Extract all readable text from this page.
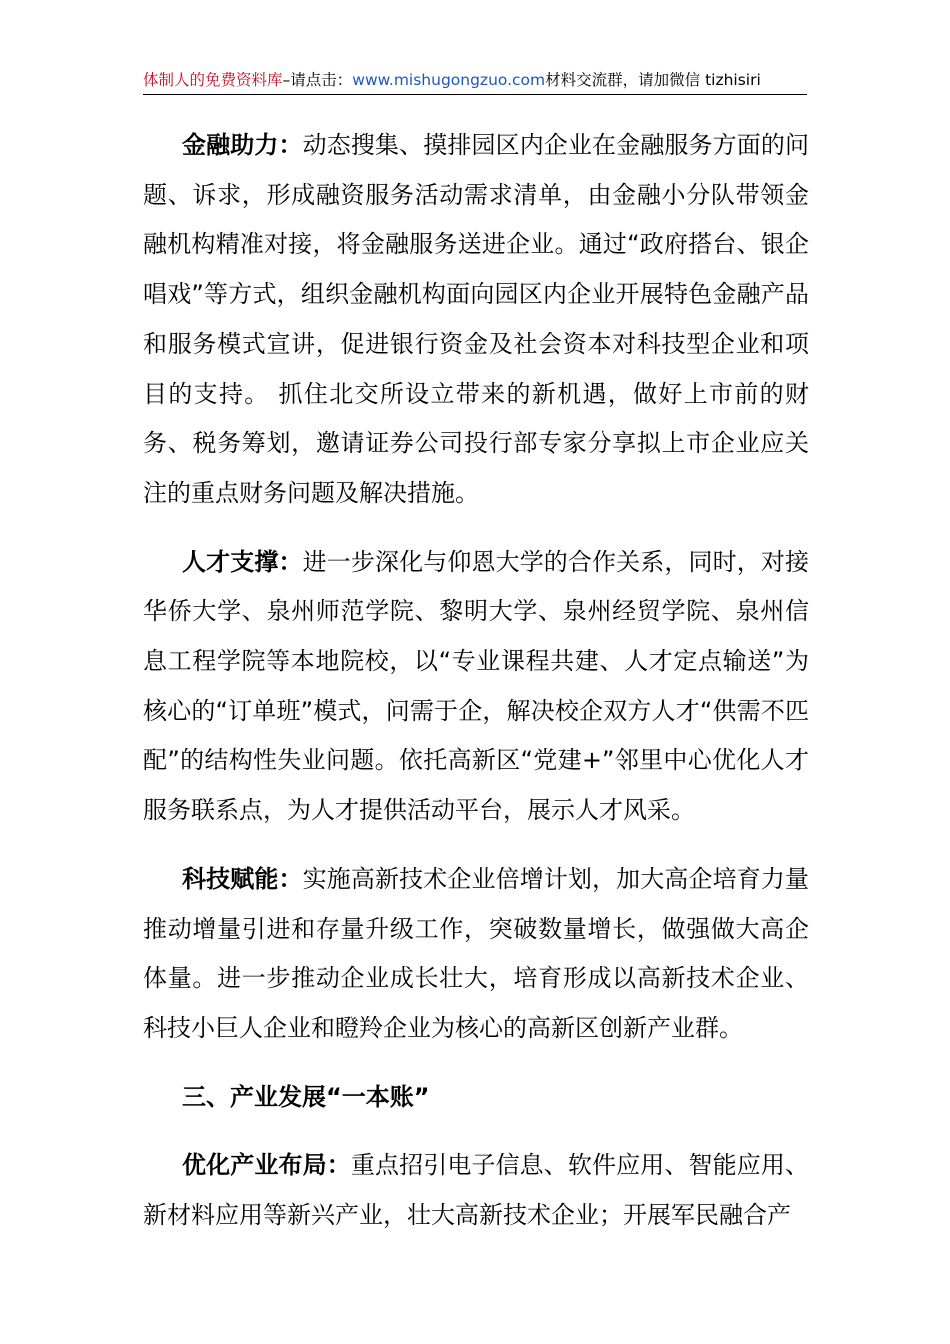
体制人的免费资料库–请点击：www.mishugongzuo.com材料交流群，请加微信 tizhisiri

金融助力：动态搜集、摸排园区内企业在金融服务方面的问题、诉求，形成融资服务活动需求清单，由金融小分队带领金融机构精准对接，将金融服务送进企业。通过“政府搭台、银企唱戏”等方式，组织金融机构面向园区内企业开展特色金融产品和服务模式宣讲，促进银行资金及社会资本对科技型企业和项目的支持。 抓住北交所设立带来的新机遇，做好上市前的财务、税务筹划，邀请证券公司投行部专家分享拟上市企业应关注的重点财务问题及解决措施。

人才支撑：进一步深化与仰恩大学的合作关系，同时，对接华侨大学、泉州师范学院、黎明大学、泉州经贸学院、泉州信息工程学院等本地院校，以“专业课程共建、人才定点输送”为核心的“订单班”模式，问需于企，解决校企双方人才“供需不匹配”的结构性失业问题。依托高新区“党建+”邻里中心优化人才服务联系点，为人才提供活动平台，展示人才风采。

科技赋能：实施高新技术企业倍增计划，加大高企培育力量推动增量引进和存量升级工作，突破数量增长，做强做大高企体量。进一步推动企业成长壮大，培育形成以高新技术企业、科技小巨人企业和瞪羚企业为核心的高新区创新产业群。

三、产业发展“一本账”

优化产业布局：重点招引电子信息、软件应用、智能应用、新材料应用等新兴产业，壮大高新技术企业；开展军民融合产
